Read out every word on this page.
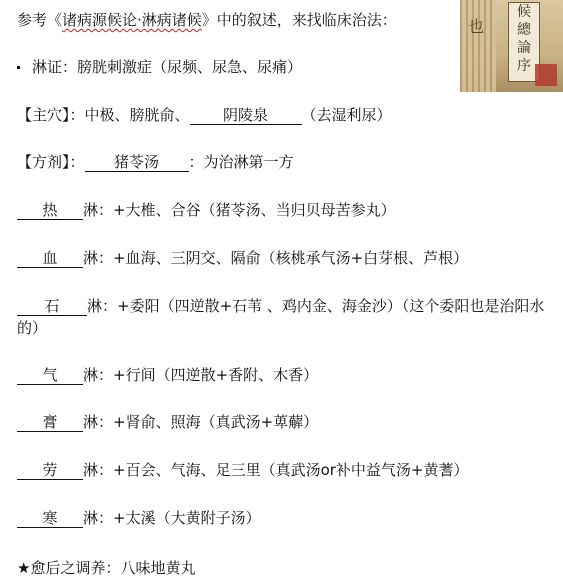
参考《诸病源候论·淋病诸候》中的叙述，来找临床治法：	也
候
總
論
序
淋证：膀胱刺激症（尿频、尿急、尿痛）
【主穴】：中极、膀胱俞、 阴陵泉 （去湿利尿）
【方剂】： 猪苓汤 ：为治淋第一方
热 淋：+大椎、合谷（猪苓汤、当归贝母苦参丸）
血 淋：+血海、三阴交、隔俞（核桃承气汤+白芽根、芦根）
石 淋：+委阳（四逆散+石苇 、鸡内金、海金沙）（这个委阳也是治阳水的）
气 淋：+行间（四逆散+香附、木香）
膏 淋：+肾俞、照海（真武汤+萆薢）
劳 淋：+百会、气海、足三里（真武汤or补中益气汤+黄蓍）
寒 淋：+太溪（大黄附子汤）
★愈后之调养：八味地黄丸
